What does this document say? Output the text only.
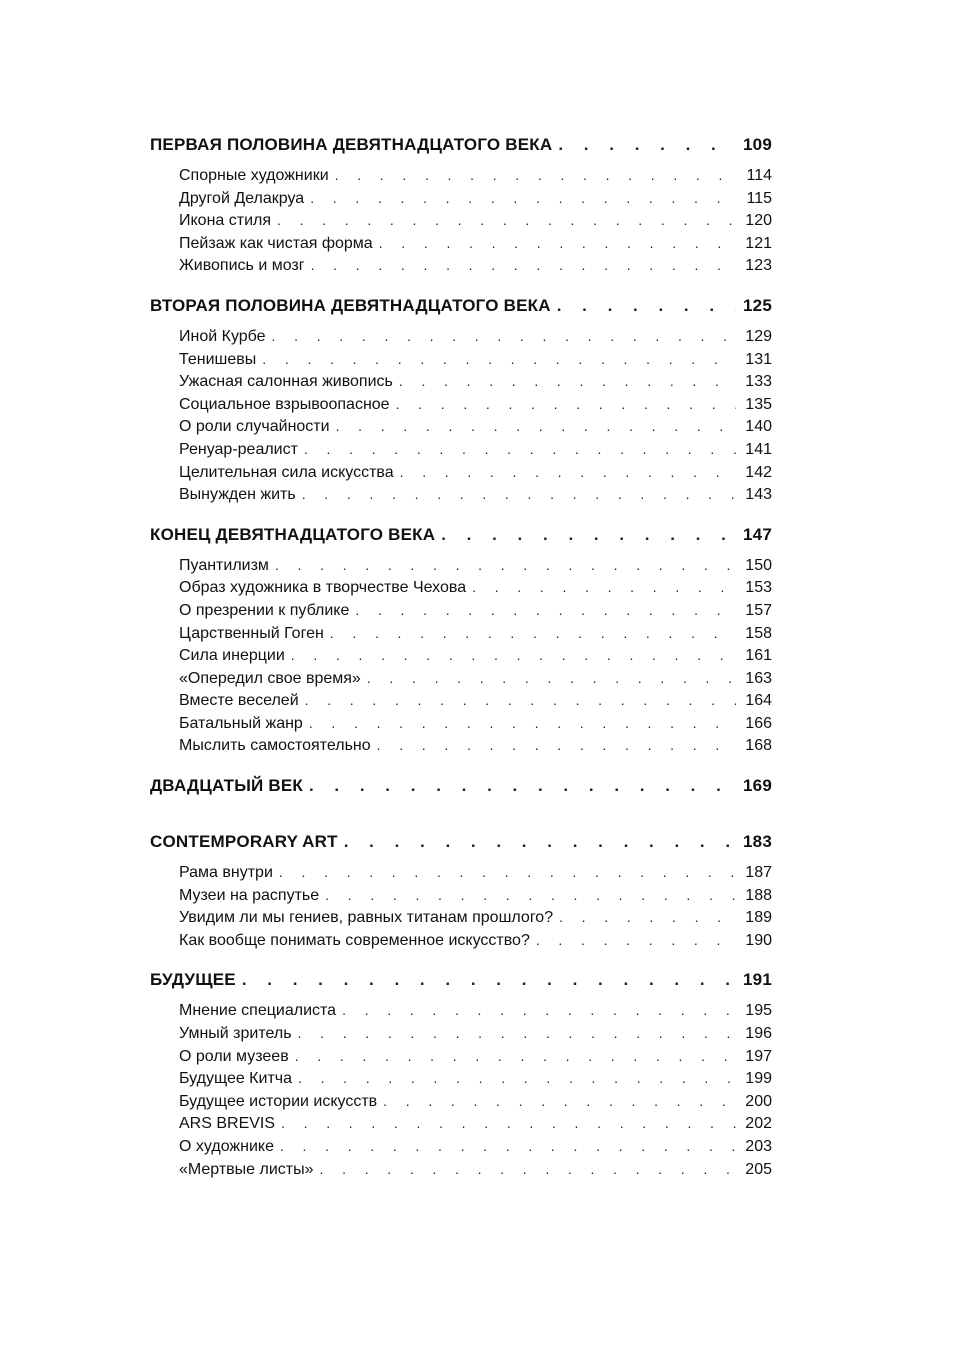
ПЕРВАЯ ПОЛОВИНА ДЕВЯТНАДЦАТОГО ВЕКА . . .	109
Спорные художники . . .	114
Другой Делакруа . . .	115
Икона стиля . . .	120
Пейзаж как чистая форма . . .	121
Живопись и мозг . . .	123
ВТОРАЯ ПОЛОВИНА ДЕВЯТНАДЦАТОГО ВЕКА . . .	125
Иной Курбе . . .	129
Тенишевы . . .	131
Ужасная салонная живопись . . .	133
Социальное взрывоопасное . . .	135
О роли случайности . . .	140
Ренуар-реалист . . .	141
Целительная сила искусства . . .	142
Вынужден жить . . .	143
КОНЕЦ ДЕВЯТНАДЦАТОГО ВЕКА . . .	147
Пуантилизм . . .	150
Образ художника в творчестве Чехова . . .	153
О презрении к публике . . .	157
Царственный Гоген . . .	158
Сила инерции . . .	161
«Опередил свое время» . . .	163
Вместе веселей . . .	164
Батальный жанр . . .	166
Мыслить самостоятельно . . .	168
ДВАДЦАТЫЙ ВЕК . . .	169
CONTEMPORARY ART . . .	183
Рама внутри . . .	187
Музеи на распутье . . .	188
Увидим ли мы гениев, равных титанам прошлого? . . .	189
Как вообще понимать современное искусство? . . .	190
БУДУЩЕЕ . . .	191
Мнение специалиста . . .	195
Умный зритель . . .	196
О роли музеев . . .	197
Будущее Китча . . .	199
Будущее истории искусств . . .	200
ARS BREVIS . . .	202
О художнике . . .	203
«Мертвые листы» . . .	205
